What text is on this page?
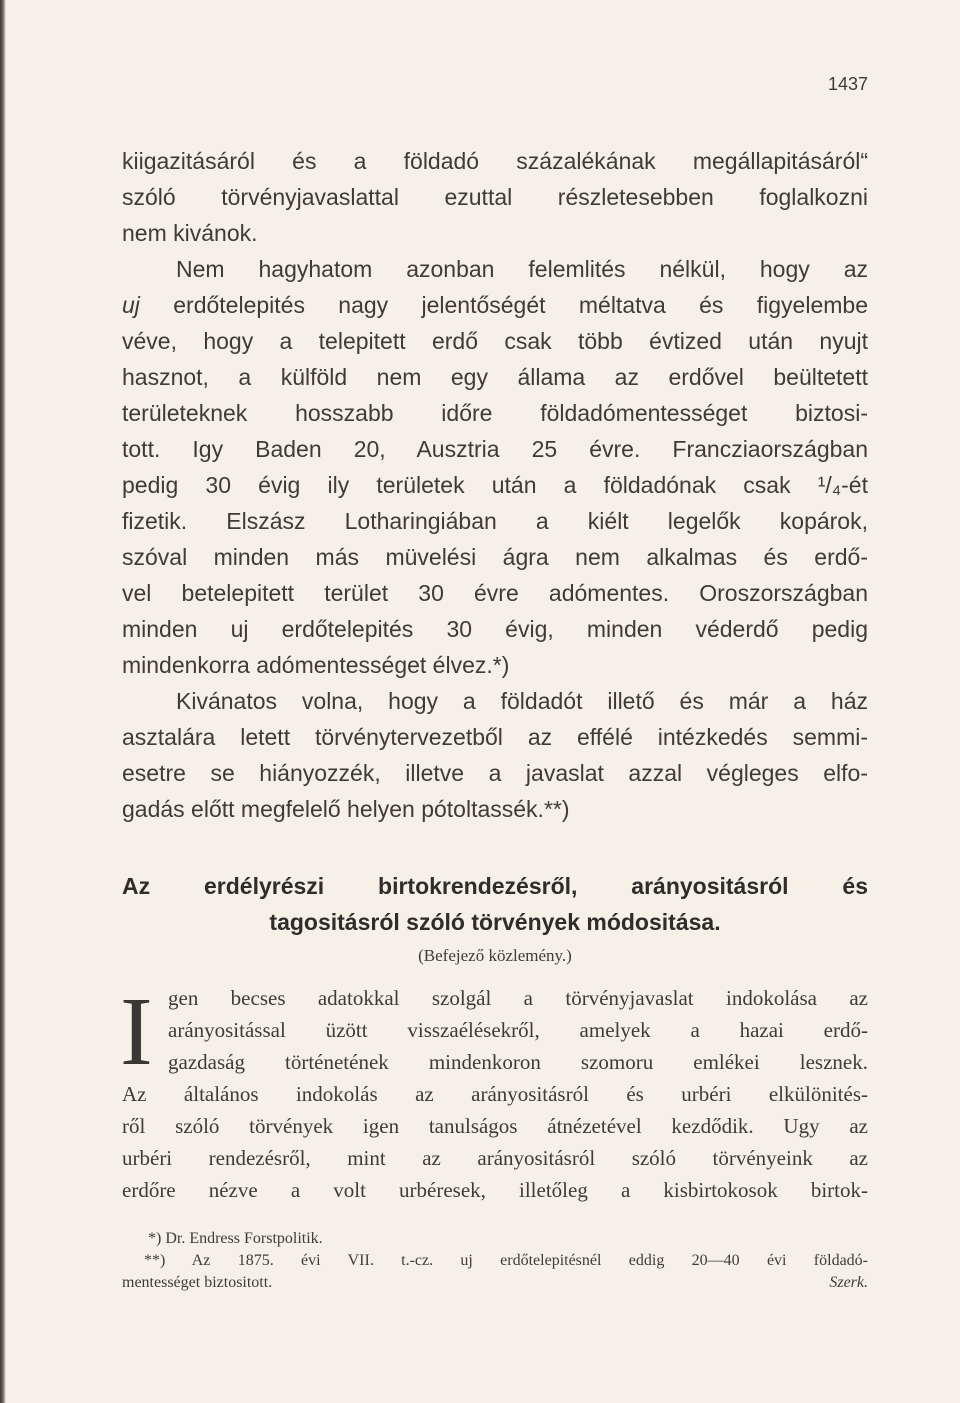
1437
kiigazitásáról és a földadó százalékának megállapitásáról“
szóló törvényjavaslattal ezuttal részletesebben foglalkozni
nem kivánok.
Nem hagyhatom azonban felemlités nélkül, hogy az
uj erdőtelepités nagy jelentőségét méltatva és figyelembe
véve, hogy a telepitett erdő csak több évtized után nyujt
hasznot, a külföld nem egy állama az erdővel beültetett
területeknek hosszabb időre földadómentességet biztosi-
tott. Igy Baden 20, Ausztria 25 évre. Francziaországban
pedig 30 évig ily területek után a földadónak csak ¹/₄-ét
fizetik. Elszász Lotharingiában a kiélt legelők kopárok,
szóval minden más müvelési ágra nem alkalmas és erdő-
vel betelepitett terület 30 évre adómentes. Oroszországban
minden uj erdőtelepités 30 évig, minden véderdő pedig
mindenkorra adómentességet élvez.*)
Kivánatos volna, hogy a földadót illető és már a ház
asztalára letett törvénytervezetből az effélé intézkedés semmi-
esetre se hiányozzék, illetve a javaslat azzal végleges elfo-
gadás előtt megfelelő helyen pótoltassék.**)
Az erdélyrészi birtokrendezésről, arányositásról és
tagositásról szóló törvények módositása.
(Befejező közlemény.)
I gen becses adatokkal szolgál a törvényjavaslat indokolása az
arányositással üzött visszaélésekről, amelyek a hazai erdő-
gazdaság történetének mindenkoron szomoru emlékei lesznek.
Az általános indokolás az arányositásról és urbéri elkülönités-
ről szóló törvények igen tanulságos átnézetével kezdődik. Ugy az
urbéri rendezésről, mint az arányositásról szóló törvényeink az
erdőre nézve a volt urbéresek, illetőleg a kisbirtokosok birtok-
*) Dr. Endress Forstpolitik.
**) Az 1875. évi VII. t.-cz. uj erdőtelepitésnél eddig 20—40 évi földadó-
mentességet biztositott.	Szerk.
